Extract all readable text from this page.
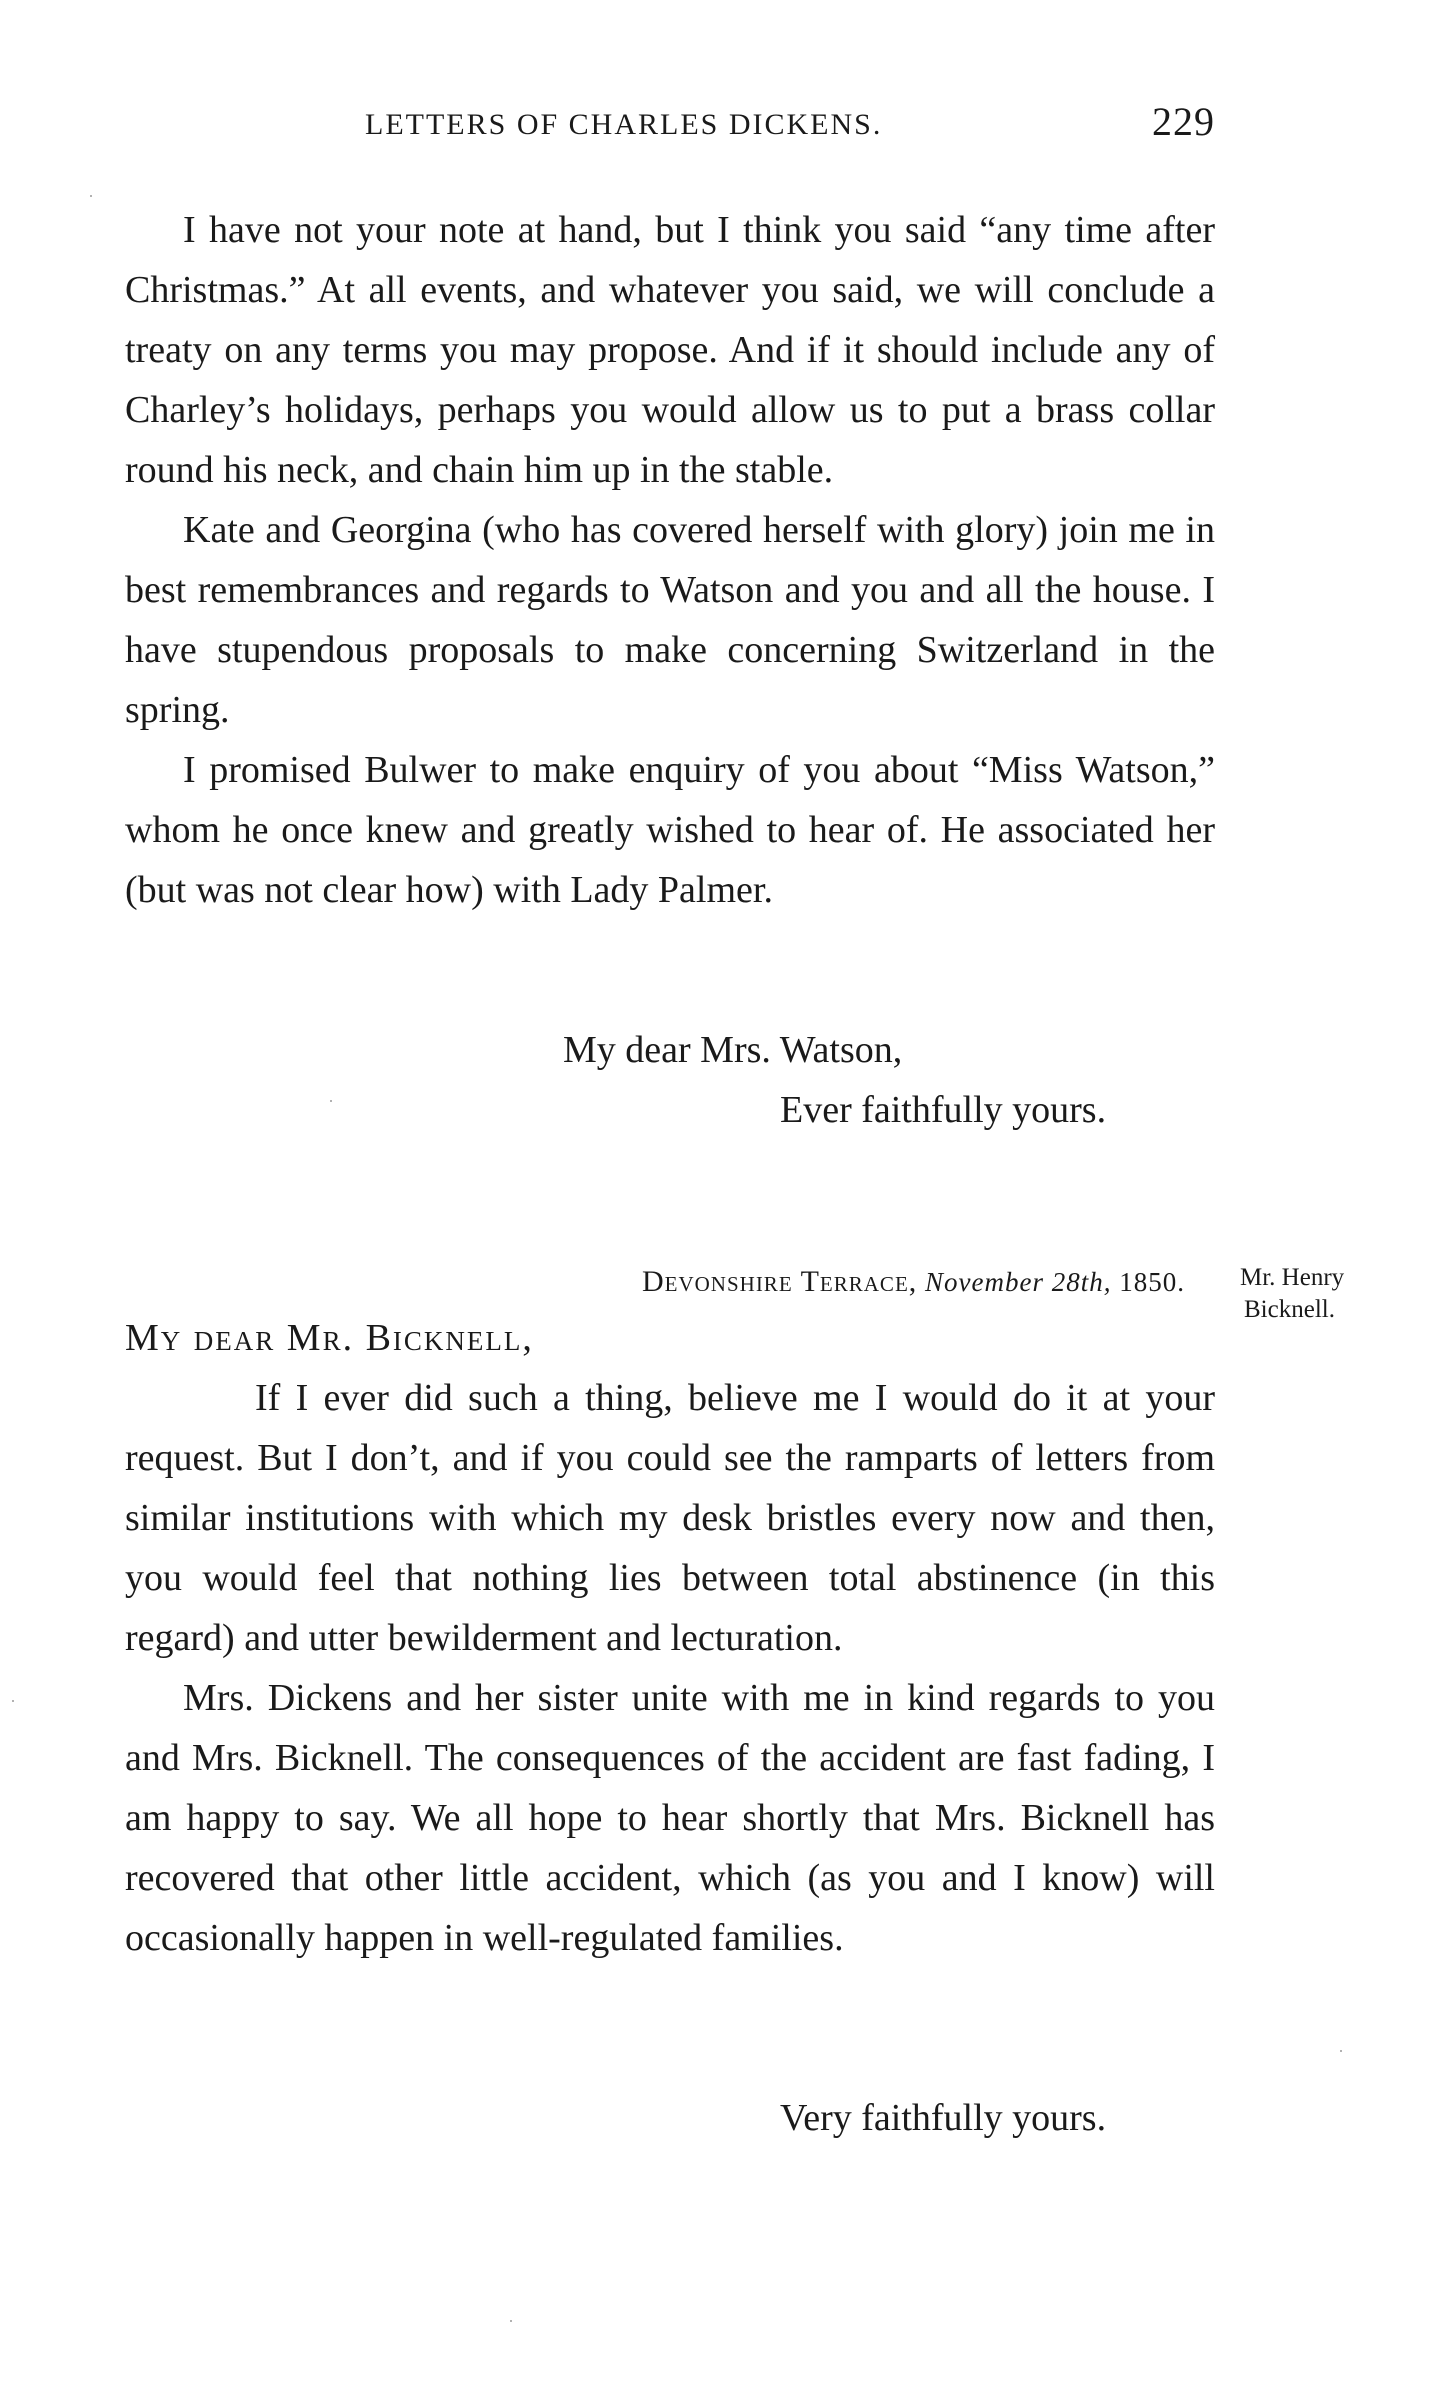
LETTERS OF CHARLES DICKENS.	229

I have not your note at hand, but I think you said “any time after Christmas.” At all events, and whatever you said, we will conclude a treaty on any terms you may propose. And if it should include any of Charley’s holidays, perhaps you would allow us to put a brass collar round his neck, and chain him up in the stable.

Kate and Georgina (who has covered herself with glory) join me in best remembrances and regards to Watson and you and all the house. I have stupendous proposals to make concerning Switzerland in the spring.

I promised Bulwer to make enquiry of you about “Miss Watson,” whom he once knew and greatly wished to hear of. He associated her (but was not clear how) with Lady Palmer.

My dear Mrs. Watson,
Ever faithfully yours.
Devonshire Terrace, November 28th, 1850. Mr. Henry
Bicknell.
My dear Mr. Bicknell,

If I ever did such a thing, believe me I would do it at your request. But I don’t, and if you could see the ramparts of letters from similar institutions with which my desk bristles every now and then, you would feel that nothing lies between total abstinence (in this regard) and utter bewilderment and lecturation.

Mrs. Dickens and her sister unite with me in kind regards to you and Mrs. Bicknell. The consequences of the accident are fast fading, I am happy to say. We all hope to hear shortly that Mrs. Bicknell has recovered that other little accident, which (as you and I know) will occasionally happen in well-regulated families.

Very faithfully yours.
